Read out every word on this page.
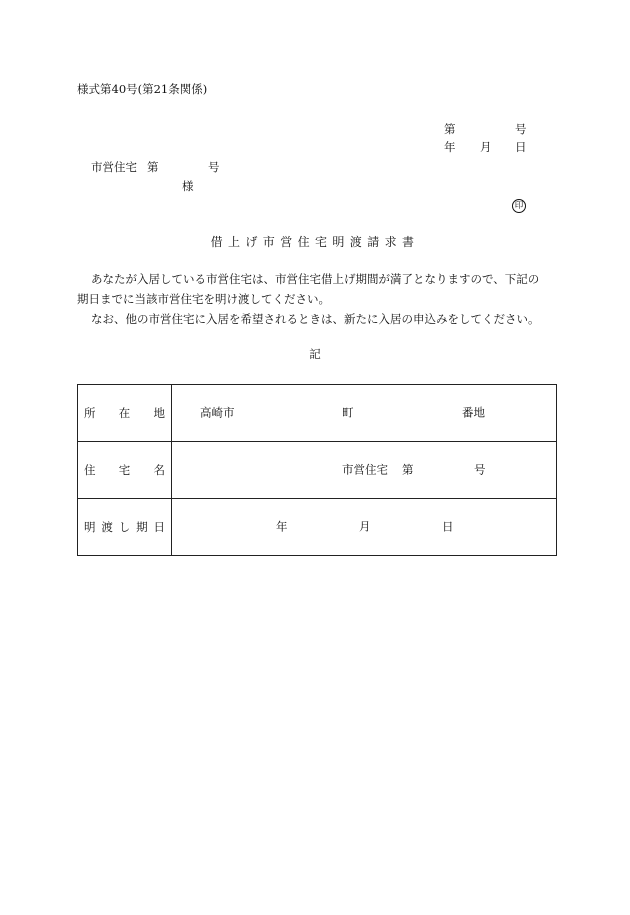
様式第40号(第21条関係)
第	号
年 月 日
市営住宅 第	号
様
印
借上げ市営住宅明渡請求書
あなたが入居している市営住宅は、市営住宅借上げ期間が満了となりますので、下記の
期日までに当該市営住宅を明け渡してください。
なお、他の市営住宅に入居を希望されるときは、新たに入居の申込みをしてください。
記
所 在 地	高崎市 町 番地

住 宅 名	市営住宅 第 号

明 渡 し 期 日	年 月 日
